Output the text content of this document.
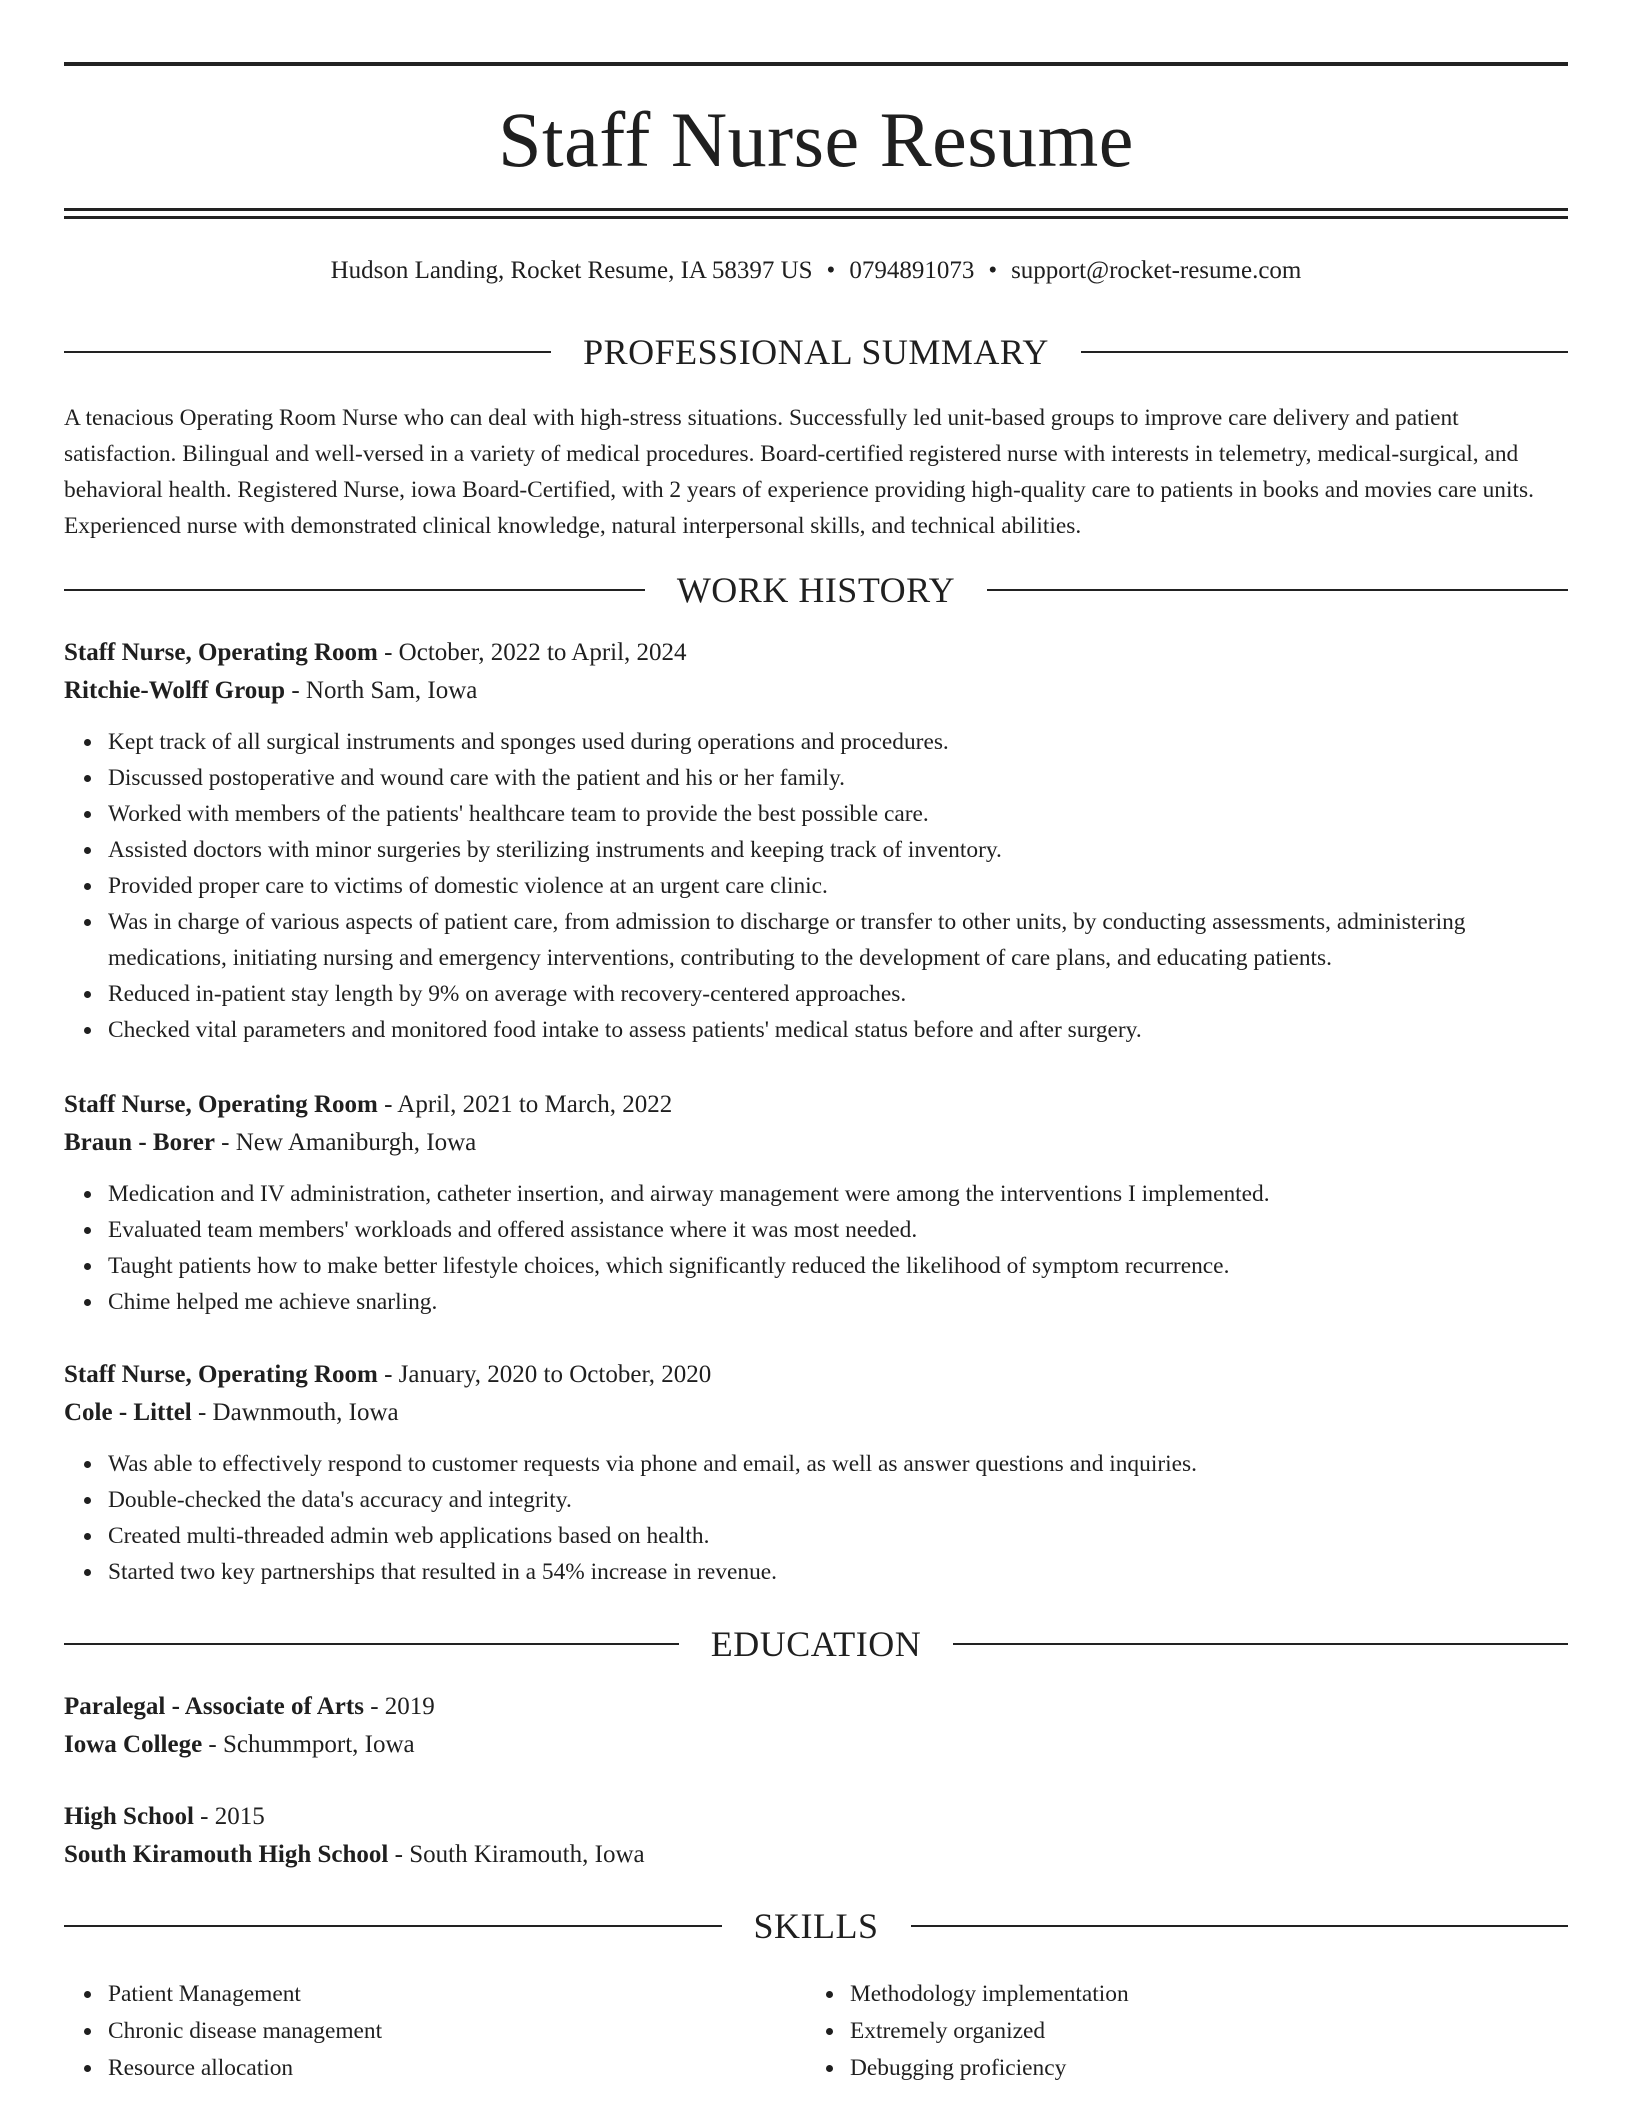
Staff Nurse Resume
Hudson Landing, Rocket Resume, IA 58397 US • 0794891073 • support@rocket-resume.com
PROFESSIONAL SUMMARY

A tenacious Operating Room Nurse who can deal with high-stress situations. Successfully led unit-based groups to improve care delivery and patient satisfaction. Bilingual and well-versed in a variety of medical procedures. Board-certified registered nurse with interests in telemetry, medical-surgical, and behavioral health. Registered Nurse, iowa Board-Certified, with 2 years of experience providing high-quality care to patients in books and movies care units. Experienced nurse with demonstrated clinical knowledge, natural interpersonal skills, and technical abilities.

WORK HISTORY
Staff Nurse, Operating Room - October, 2022 to April, 2024
Ritchie-Wolff Group - North Sam, Iowa
Kept track of all surgical instruments and sponges used during operations and procedures.
Discussed postoperative and wound care with the patient and his or her family.
Worked with members of the patients' healthcare team to provide the best possible care.
Assisted doctors with minor surgeries by sterilizing instruments and keeping track of inventory.
Provided proper care to victims of domestic violence at an urgent care clinic.
Was in charge of various aspects of patient care, from admission to discharge or transfer to other units, by conducting assessments, administering medications, initiating nursing and emergency interventions, contributing to the development of care plans, and educating patients.
Reduced in-patient stay length by 9% on average with recovery-centered approaches.
Checked vital parameters and monitored food intake to assess patients' medical status before and after surgery.
Staff Nurse, Operating Room - April, 2021 to March, 2022
Braun - Borer - New Amaniburgh, Iowa
Medication and IV administration, catheter insertion, and airway management were among the interventions I implemented.
Evaluated team members' workloads and offered assistance where it was most needed.
Taught patients how to make better lifestyle choices, which significantly reduced the likelihood of symptom recurrence.
Chime helped me achieve snarling.
Staff Nurse, Operating Room - January, 2020 to October, 2020
Cole - Littel - Dawnmouth, Iowa
Was able to effectively respond to customer requests via phone and email, as well as answer questions and inquiries.
Double-checked the data's accuracy and integrity.
Created multi-threaded admin web applications based on health.
Started two key partnerships that resulted in a 54% increase in revenue.
EDUCATION
Paralegal - Associate of Arts - 2019
Iowa College - Schummport, Iowa
High School - 2015
South Kiramouth High School - South Kiramouth, Iowa
SKILLS
Patient Management
Chronic disease management
Resource allocation
Methodology implementation
Extremely organized
Debugging proficiency
